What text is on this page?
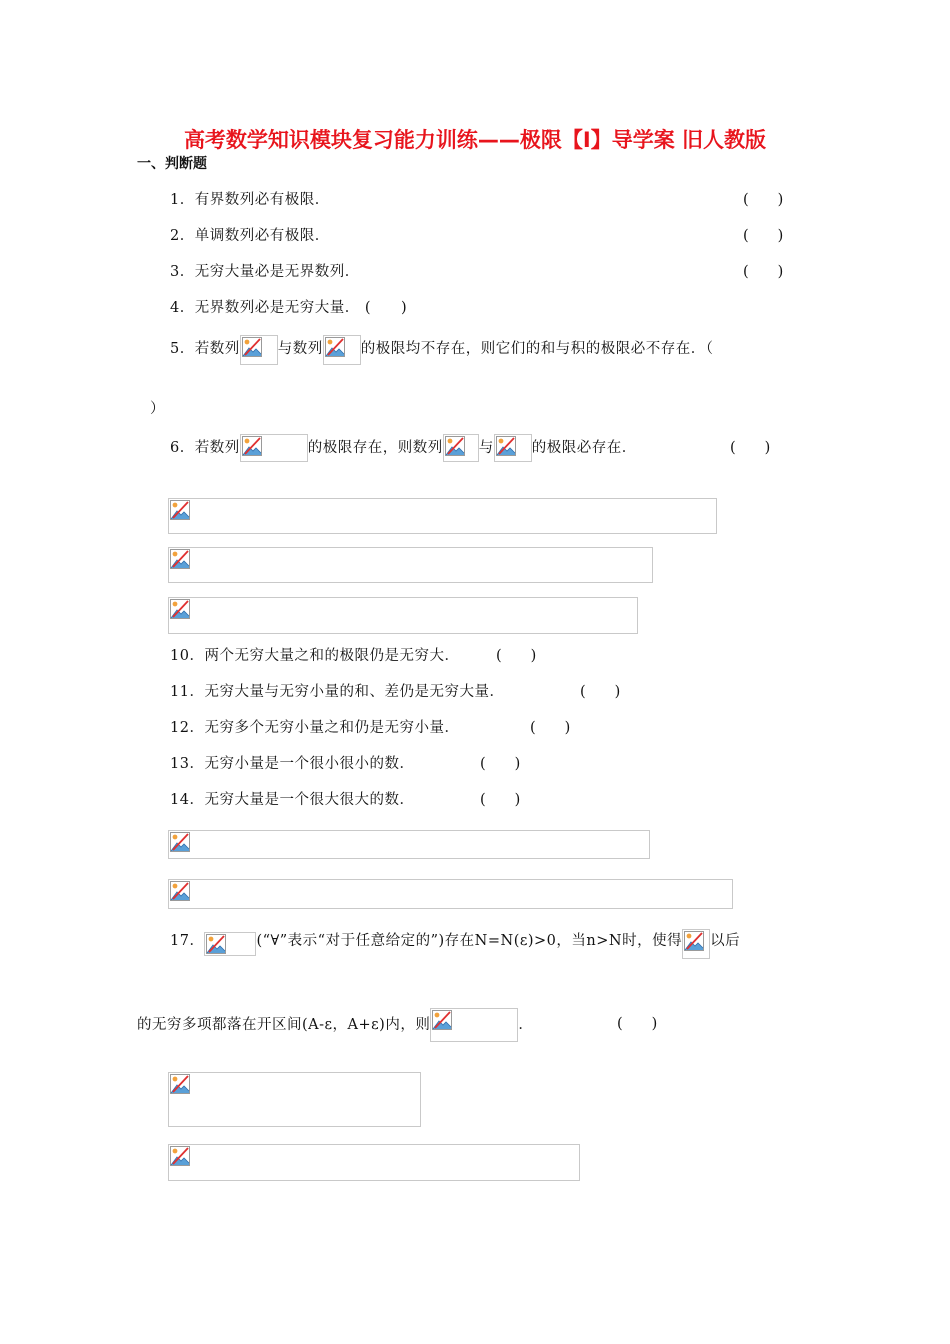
高考数学知识模块复习能力训练——极限【I】导学案 旧人教版
一、判断题
1．有界数列必有极限．	(　　)
2．单调数列必有极限．	(　　)
3．无穷大量必是无界数列．	(　　)
4．无界数列必是无穷大量． (　　)
5．若数列	与数列	的极限均不存在，则它们的和与积的极限必不存在．（
）
6．若数列	的极限存在，则数列 与	的极限必存在．	(　　)
10．两个无穷大量之和的极限仍是无穷大．	(　　)
11．无穷大量与无穷小量的和、差仍是无穷大量．	(　　)
12．无穷多个无穷小量之和仍是无穷小量．	(　　)
13．无穷小量是一个很小很小的数．	(　　)
14．无穷大量是一个很大很大的数．	(　　)
17．	(“∀”表示“对于任意给定的”)存在N=N(ε)>0，当n>N时，使得 以后
的无穷多项都落在开区间(A-ε，A+ε)内，则	．	(　　)
